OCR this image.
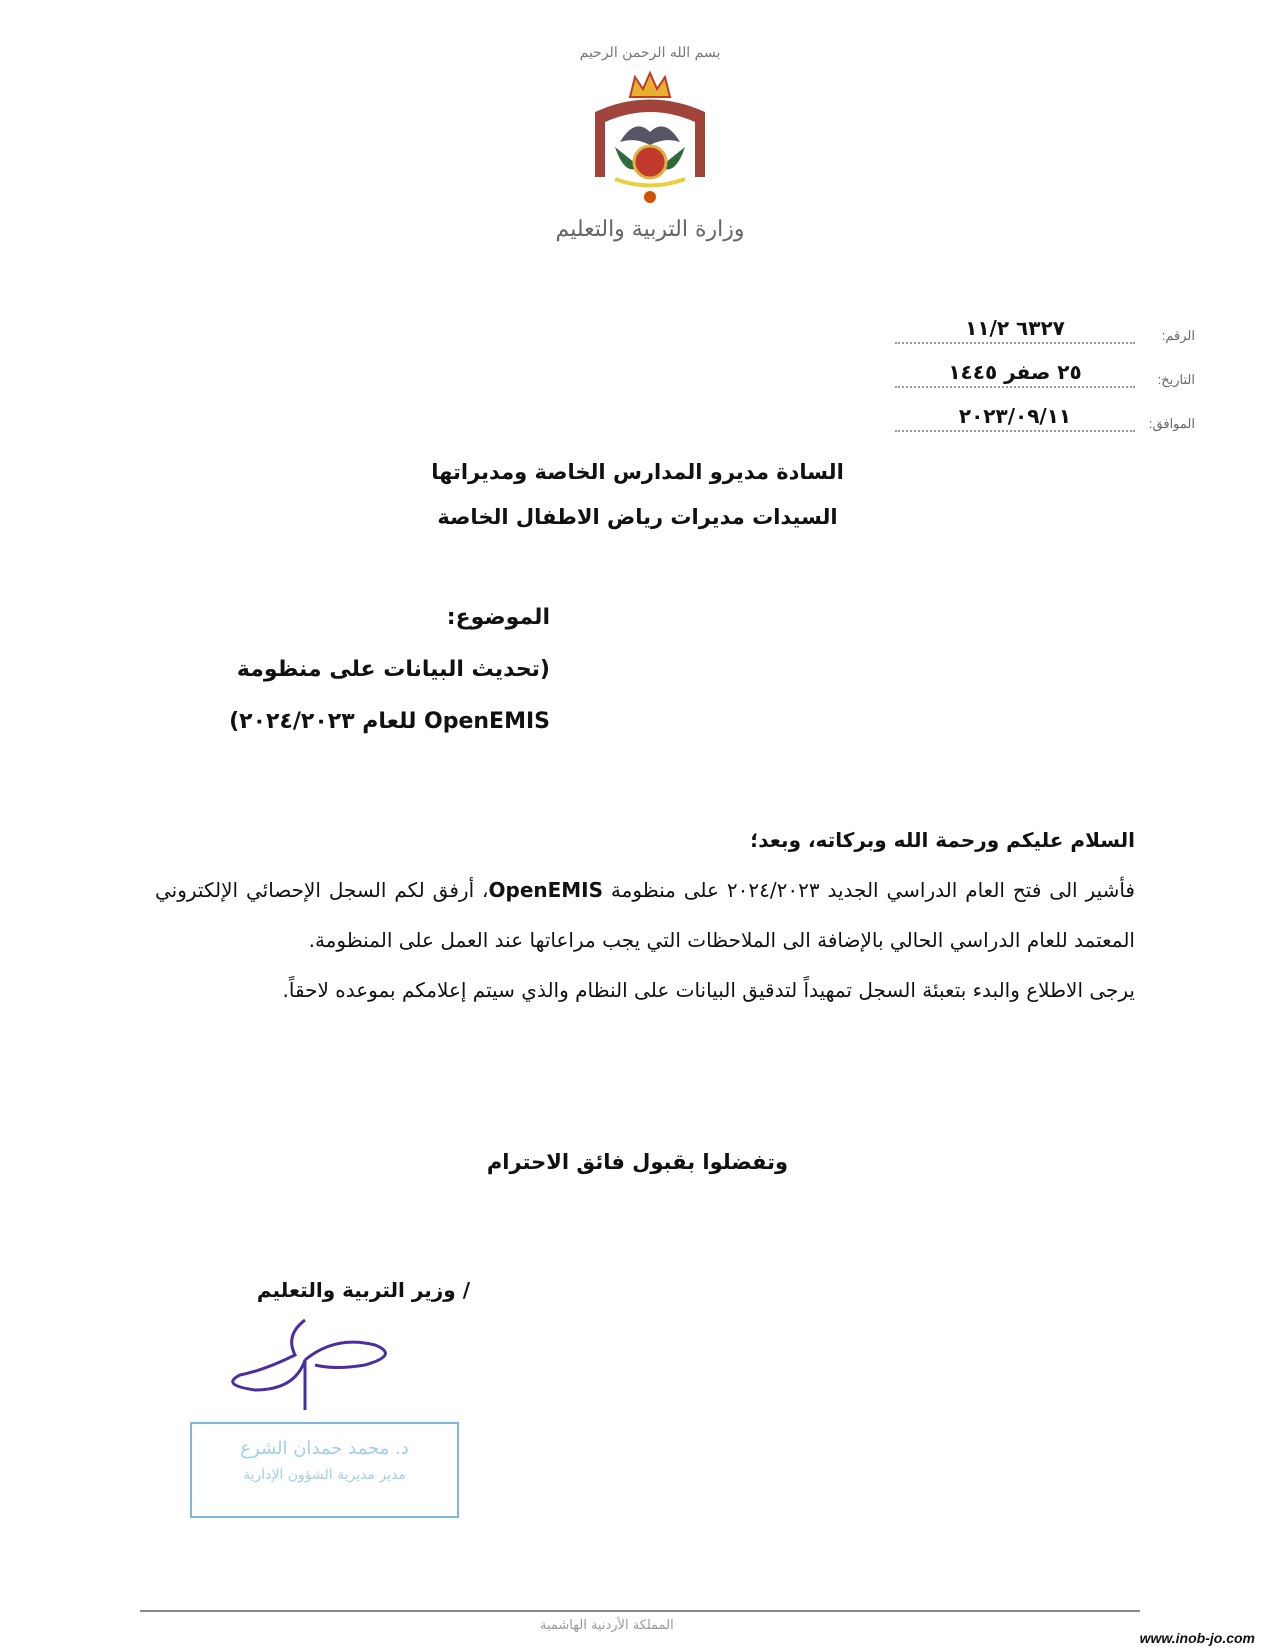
بسم الله الرحمن الرحيم
وزارة التربية والتعليم
الرقم:
٦٣٢٧ ١١/٢
التاريخ:
٢٥ صفر ١٤٤٥
الموافق:
٢٠٢٣/٠٩/١١
السادة مديرو المدارس الخاصة ومديراتها
السيدات مديرات رياض الاطفال الخاصة
الموضوع:
(تحديث البيانات على منظومة
OpenEMIS للعام ٢٠٢٤/٢٠٢٣)

السلام عليكم ورحمة الله وبركاته، وبعد؛

فأشير الى فتح العام الدراسي الجديد ٢٠٢٤/٢٠٢٣ على منظومة OpenEMIS، أرفق لكم السجل الإحصائي الإلكتروني المعتمد للعام الدراسي الحالي بالإضافة الى الملاحظات التي يجب مراعاتها عند العمل على المنظومة.

يرجى الاطلاع والبدء بتعبئة السجل تمهيداً لتدقيق البيانات على النظام والذي سيتم إعلامكم بموعده لاحقاً.

وتفضلوا بقبول فائق الاحترام
/ وزير التربية والتعليم
د. محمد حمدان الشرع
مدير مديرية الشؤون الإدارية
المملكة الأردنية الهاشمية
www.inob-jo.com
